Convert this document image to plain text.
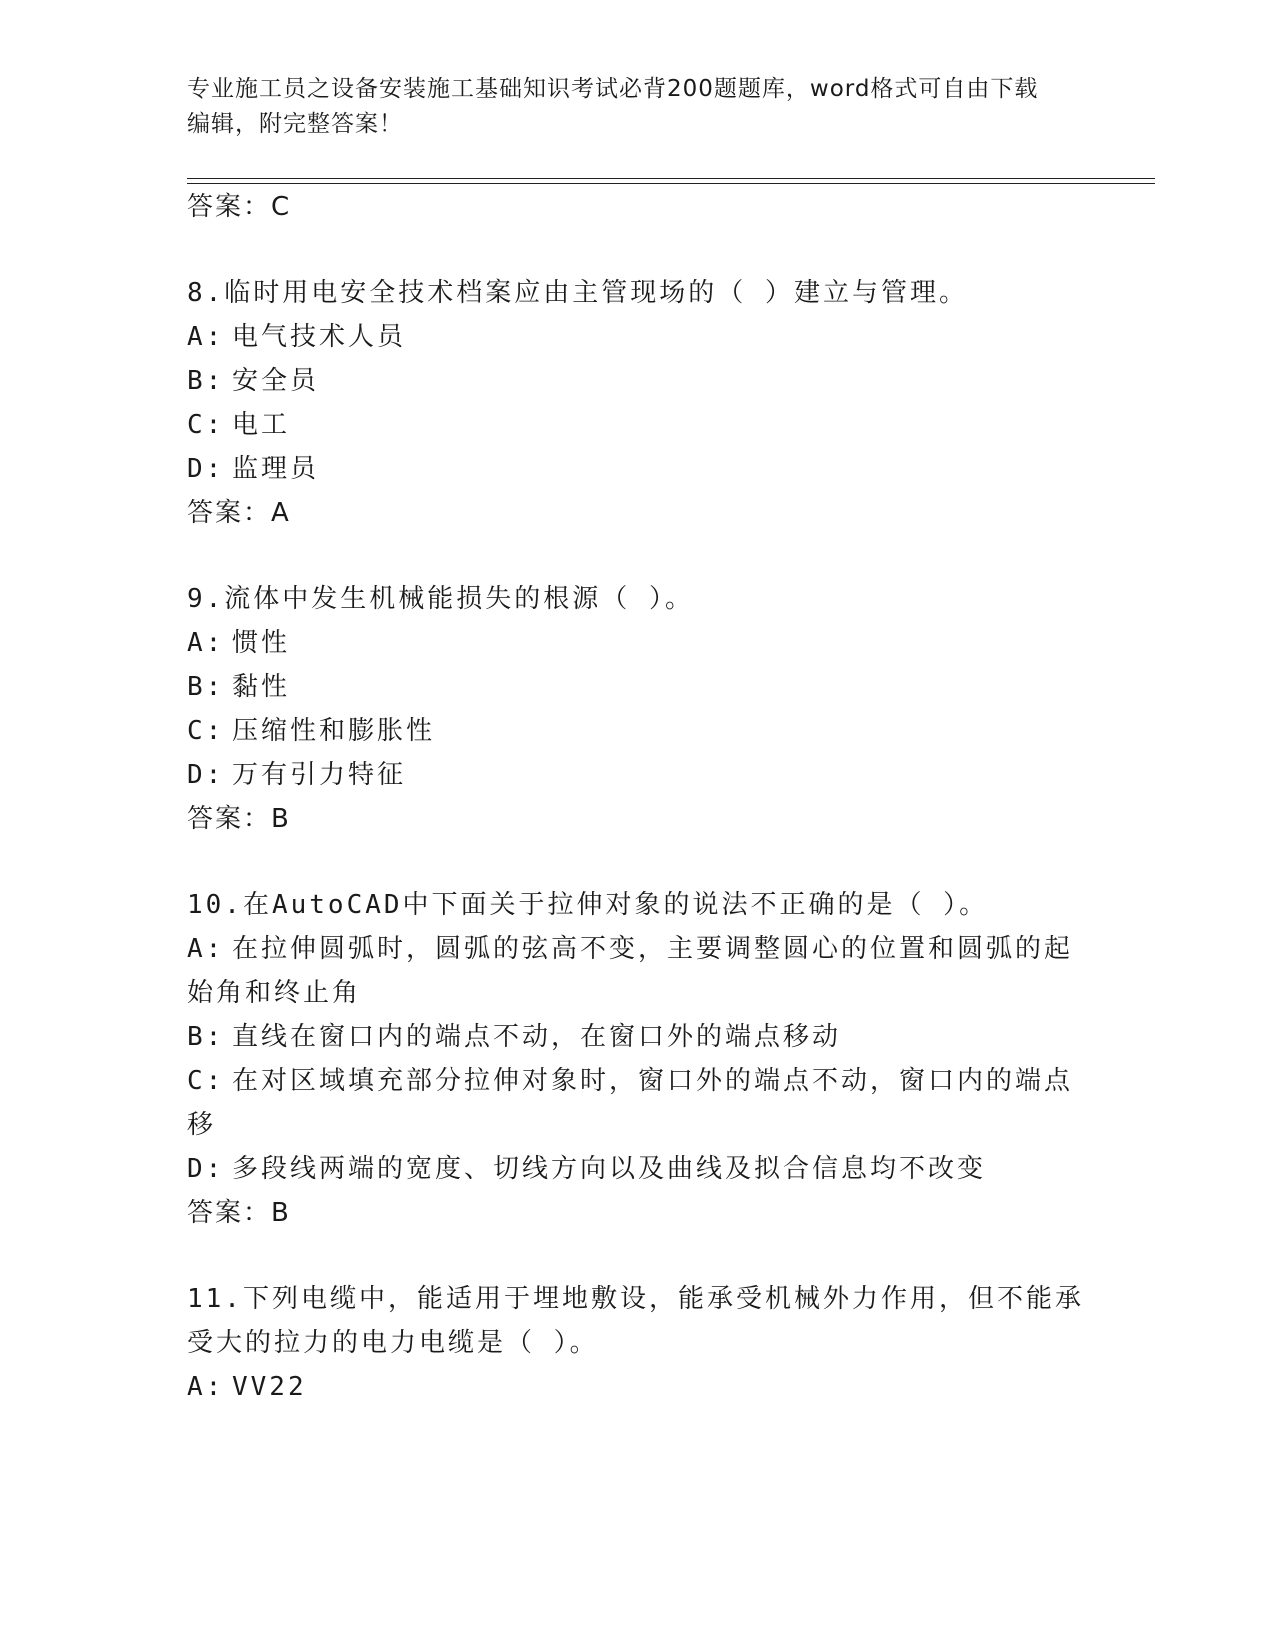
专业施工员之设备安装施工基础知识考试必背200题题库，word格式可自由下载
编辑，附完整答案！
答案：C
8.临时用电安全技术档案应由主管现场的（ ）建立与管理。
A: 电气技术人员
B: 安全员
C: 电工
D: 监理员
答案：A
9.流体中发生机械能损失的根源（ ）。
A: 惯性
B: 黏性
C: 压缩性和膨胀性
D: 万有引力特征
答案：B
10.在AutoCAD中下面关于拉伸对象的说法不正确的是（ ）。
A: 在拉伸圆弧时，圆弧的弦高不变，主要调整圆心的位置和圆弧的起
始角和终止角
B: 直线在窗口内的端点不动，在窗口外的端点移动
C: 在对区域填充部分拉伸对象时，窗口外的端点不动，窗口内的端点
移
D: 多段线两端的宽度、切线方向以及曲线及拟合信息均不改变
答案：B
11.下列电缆中，能适用于埋地敷设，能承受机械外力作用，但不能承
受大的拉力的电力电缆是（ ）。
A: VV22
